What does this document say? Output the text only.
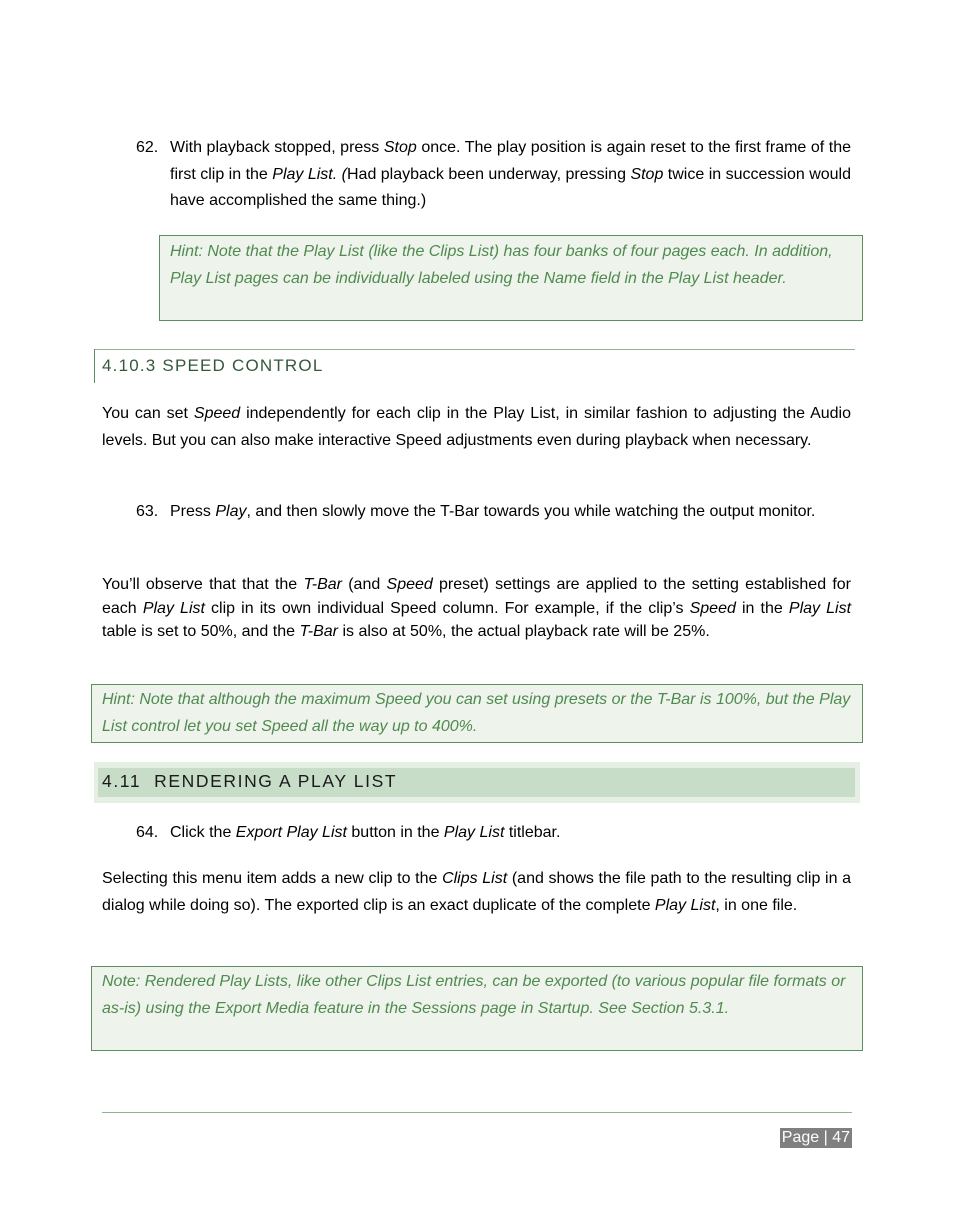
62. With playback stopped, press Stop once. The play position is again reset to the first frame of the first clip in the Play List. (Had playback been underway, pressing Stop twice in succession would have accomplished the same thing.)

Hint: Note that the Play List (like the Clips List) has four banks of four pages each. In addition, Play List pages can be individually labeled using the Name field in the Play List header.

4.10.3 SPEED CONTROL
You can set Speed independently for each clip in the Play List, in similar fashion to adjusting the Audio levels. But you can also make interactive Speed adjustments even during playback when necessary.
63. Press Play, and then slowly move the T-Bar towards you while watching the output monitor.
You’ll observe that that the T-Bar (and Speed preset) settings are applied to the setting established for each Play List clip in its own individual Speed column. For example, if the clip’s Speed in the Play List table is set to 50%, and the T-Bar is also at 50%, the actual playback rate will be 25%.

Hint: Note that although the maximum Speed you can set using presets or the T-Bar is 100%, but the Play List control let you set Speed all the way up to 400%.

4.11 RENDERING A PLAY LIST
64. Click the Export Play List button in the Play List titlebar.
Selecting this menu item adds a new clip to the Clips List (and shows the file path to the resulting clip in a dialog while doing so). The exported clip is an exact duplicate of the complete Play List, in one file.

Note: Rendered Play Lists, like other Clips List entries, can be exported (to various popular file formats or as-is) using the Export Media feature in the Sessions page in Startup. See Section 5.3.1.

Page | 47
